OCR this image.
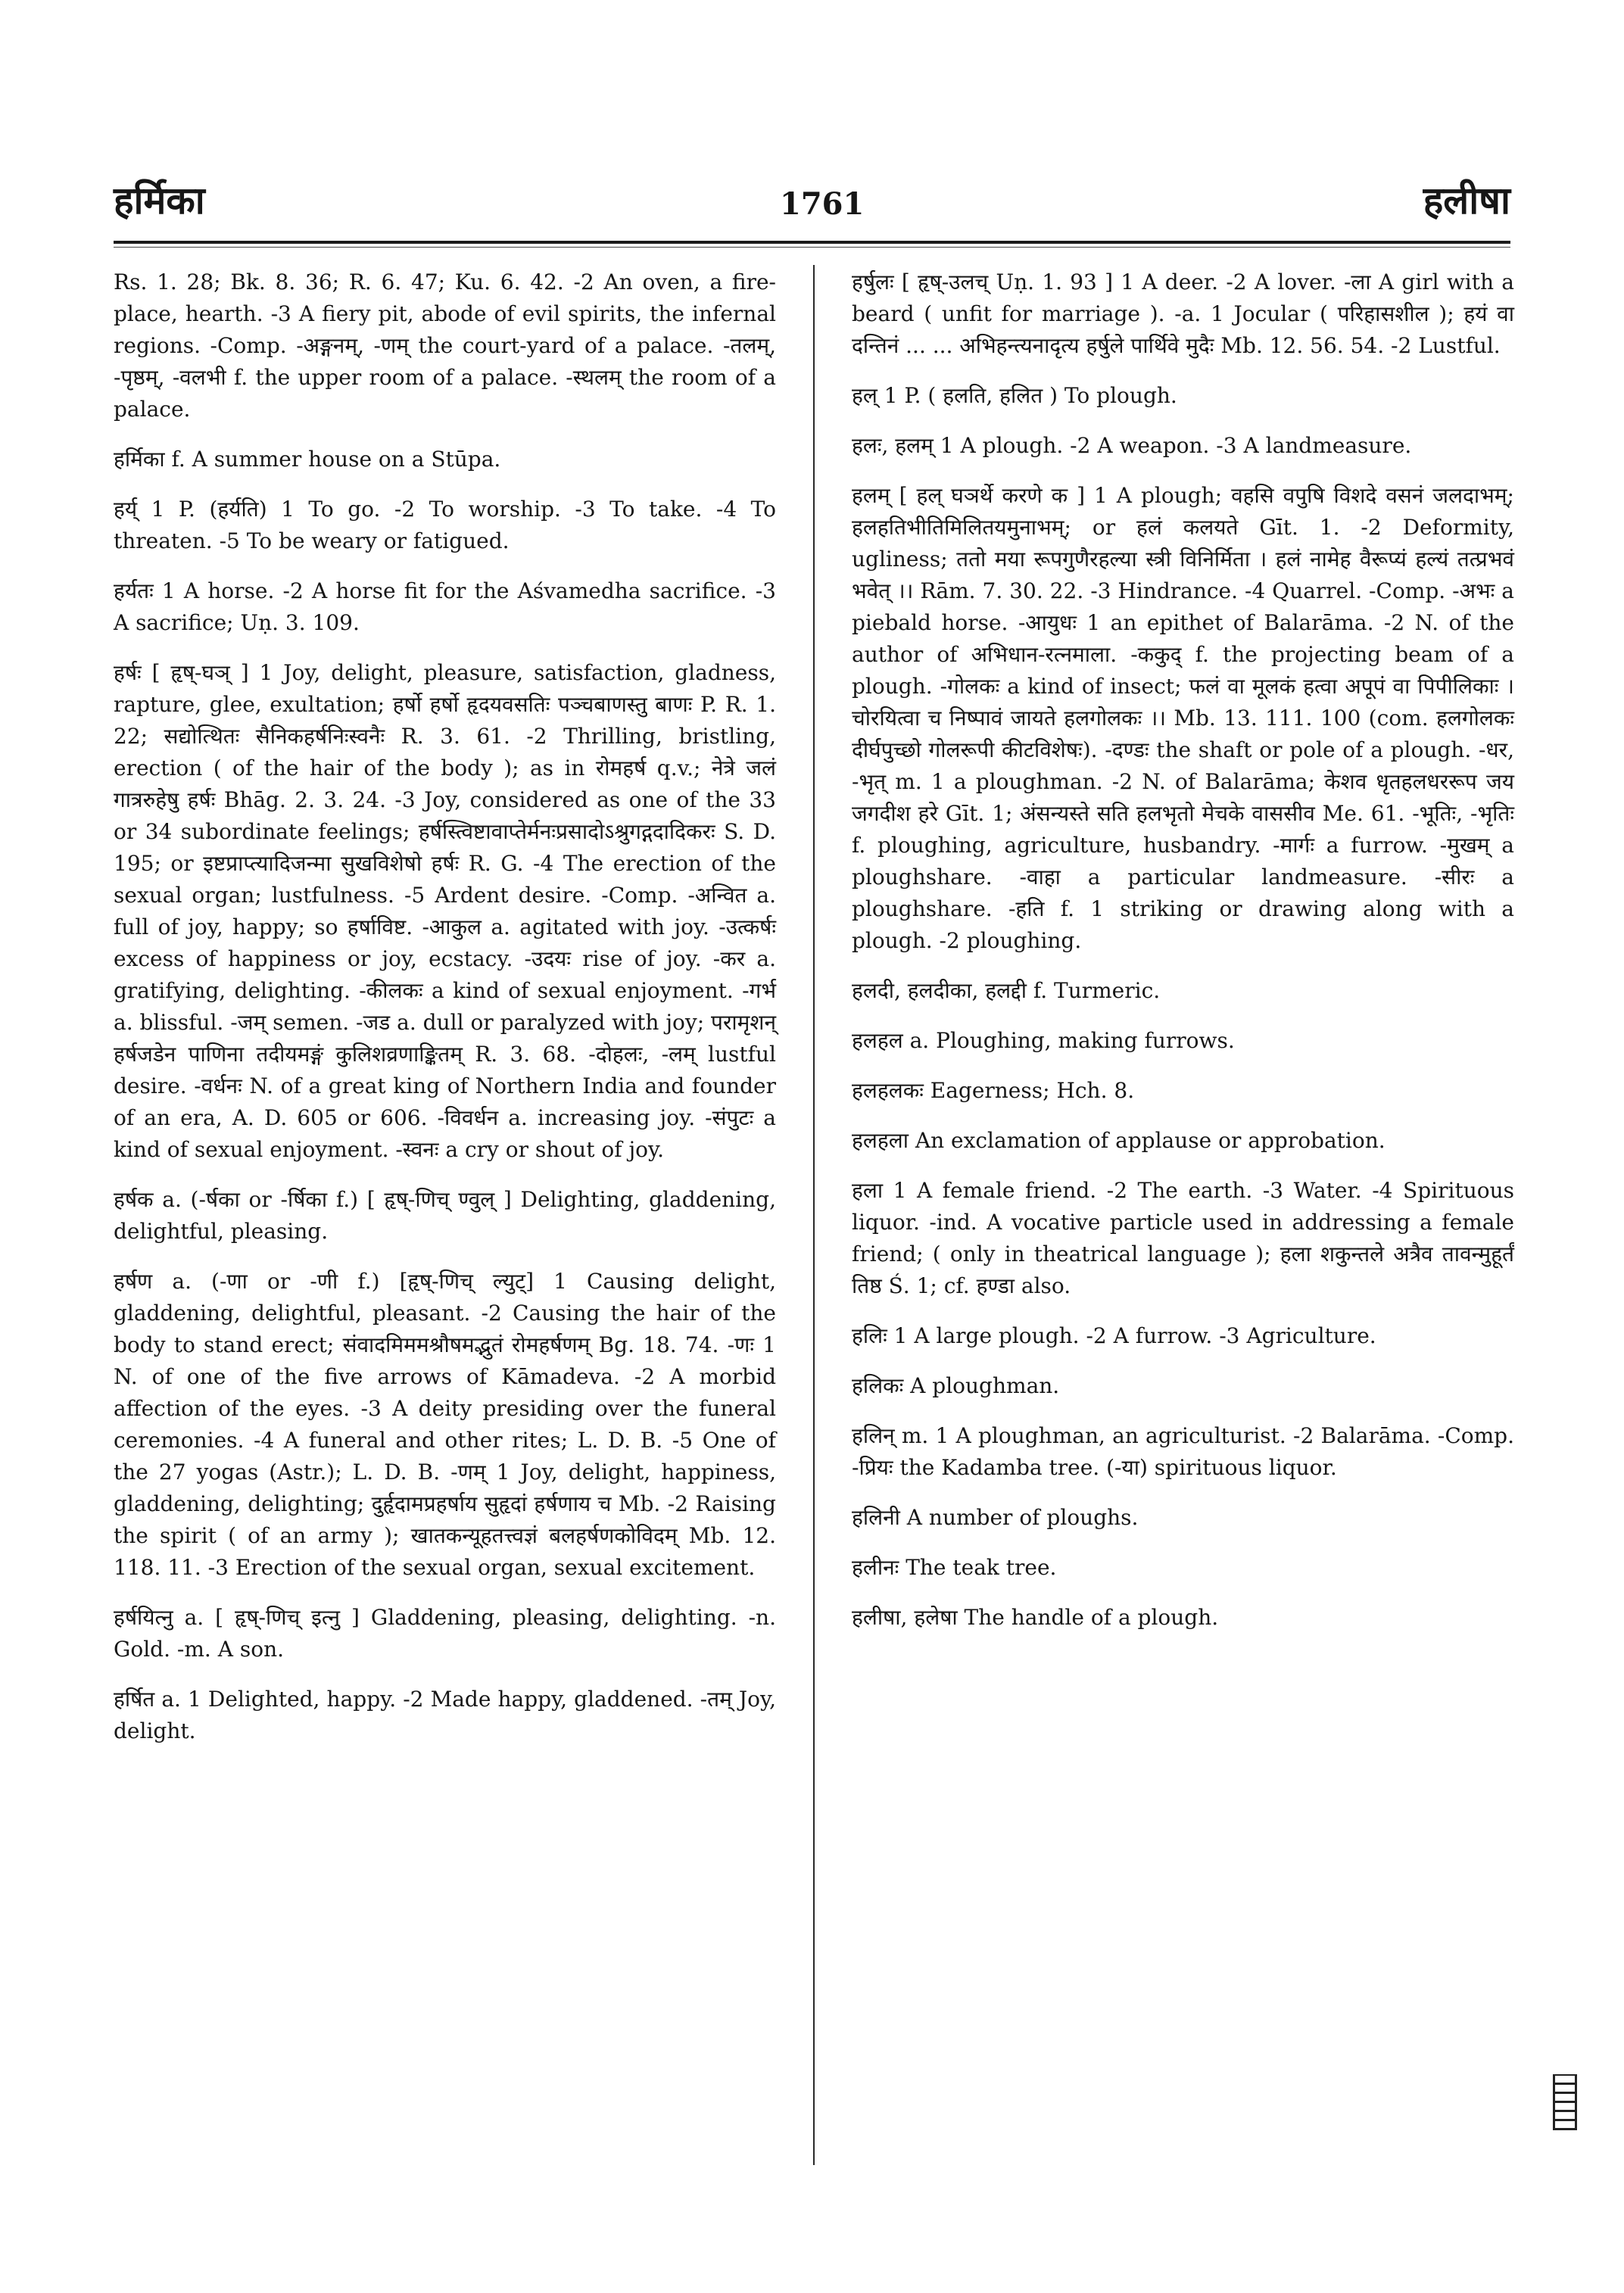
हर्मिका	1761	हलीषा

Rs. 1. 28; Bk. 8. 36; R. 6. 47; Ku. 6. 42. -2 An oven, a fire-place, hearth. -3 A fiery pit, abode of evil spirits, the infernal regions. -Comp. -अङ्गनम्, -णम् the court-yard of a palace. -तलम्, -पृष्ठम्, -वलभी f. the upper room of a palace. -स्थलम् the room of a palace.

हर्मिका f. A summer house on a Stūpa.

हर्य् 1 P. (हर्यति) 1 To go. -2 To worship. -3 To take. -4 To threaten. -5 To be weary or fatigued.

हर्यतः 1 A horse. -2 A horse fit for the Aśvamedha sacrifice. -3 A sacrifice; Uṇ. 3. 109.

हर्षः [ हृष्-घञ् ] 1 Joy, delight, pleasure, satisfaction, gladness, rapture, glee, exultation; हर्षो हर्षो हृदयवसतिः पञ्चबाणस्तु बाणः P. R. 1. 22; सद्योत्थितः सैनिकहर्षनिःस्वनैः R. 3. 61. -2 Thrilling, bristling, erection ( of the hair of the body ); as in रोमहर्ष q.v.; नेत्रे जलं गात्ररुहेषु हर्षः Bhāg. 2. 3. 24. -3 Joy, considered as one of the 33 or 34 subordinate feelings; हर्षस्त्विष्टावाप्तेर्मनःप्रसादोऽश्रुगद्गदादिकरः S. D. 195; or इष्टप्राप्त्यादिजन्मा सुखविशेषो हर्षः R. G. -4 The erection of the sexual organ; lustfulness. -5 Ardent desire. -Comp. -अन्वित a. full of joy, happy; so हर्षाविष्ट. -आकुल a. agitated with joy. -उत्कर्षः excess of happiness or joy, ecstacy. -उदयः rise of joy. -कर a. gratifying, delighting. -कीलकः a kind of sexual enjoyment. -गर्भ a. blissful. -जम् semen. -जड a. dull or paralyzed with joy; परामृशन् हर्षजडेन पाणिना तदीयमङ्गं कुलिशव्रणाङ्कितम् R. 3. 68. -दोहलः, -लम् lustful desire. -वर्धनः N. of a great king of Northern India and founder of an era, A. D. 605 or 606. -विवर्धन a. increasing joy. -संपुटः a kind of sexual enjoyment. -स्वनः a cry or shout of joy.

हर्षक a. (-र्षका or -र्षिका f.) [ हृष्-णिच् ण्वुल् ] Delighting, gladdening, delightful, pleasing.

हर्षण a. (-णा or -णी f.) [हृष्-णिच् ल्युट्] 1 Causing delight, gladdening, delightful, pleasant. -2 Causing the hair of the body to stand erect; संवादमिममश्रौषमद्भुतं रोमहर्षणम् Bg. 18. 74. -णः 1 N. of one of the five arrows of Kāmadeva. -2 A morbid affection of the eyes. -3 A deity presiding over the funeral ceremonies. -4 A funeral and other rites; L. D. B. -5 One of the 27 yogas (Astr.); L. D. B. -णम् 1 Joy, delight, happiness, gladdening, delighting; दुर्हृदामप्रहर्षाय सुहृदां हर्षणाय च Mb. -2 Raising the spirit ( of an army ); खातकन्यूहतत्त्वज्ञं बलहर्षणकोविदम् Mb. 12. 118. 11. -3 Erection of the sexual organ, sexual excitement.

हर्षयित्नु a. [ हृष्-णिच् इत्नु ] Gladdening, pleasing, delighting. -n. Gold. -m. A son.

हर्षित a. 1 Delighted, happy. -2 Made happy, gladdened. -तम् Joy, delight.

हर्षुलः [ हृष्-उलच् Uṇ. 1. 93 ] 1 A deer. -2 A lover. -ला A girl with a beard ( unfit for marriage ). -a. 1 Jocular ( परिहासशील ); हयं वा दन्तिनं ... ... अभिहन्त्यनादृत्य हर्षुले पार्थिवे मुदैः Mb. 12. 56. 54. -2 Lustful.

हल् 1 P. ( हलति, हलित ) To plough.

हलः, हलम् 1 A plough. -2 A weapon. -3 A landmeasure.

हलम् [ हल् घञर्थे करणे क ] 1 A plough; वहसि वपुषि विशदे वसनं जलदाभम्; हलहतिभीतिमिलितयमुनाभम्; or हलं कलयते Gīt. 1. -2 Deformity, ugliness; ततो मया रूपगुणैरहल्या स्त्री विनिर्मिता । हलं नामेह वैरूप्यं हल्यं तत्प्रभवं भवेत् ।। Rām. 7. 30. 22. -3 Hindrance. -4 Quarrel. -Comp. -अभः a piebald horse. -आयुधः 1 an epithet of Balarāma. -2 N. of the author of अभिधान-रत्नमाला. -ककुद् f. the projecting beam of a plough. -गोलकः a kind of insect; फलं वा मूलकं हत्वा अपूपं वा पिपीलिकाः । चोरयित्वा च निष्पावं जायते हलगोलकः ।। Mb. 13. 111. 100 (com. हलगोलकः दीर्घपुच्छो गोलरूपी कीटविशेषः). -दण्डः the shaft or pole of a plough. -धर, -भृत् m. 1 a ploughman. -2 N. of Balarāma; केशव धृतहलधररूप जय जगदीश हरे Gīt. 1; अंसन्यस्ते सति हलभृतो मेचके वाससीव Me. 61. -भूतिः, -भृतिः f. ploughing, agriculture, husbandry. -मार्गः a furrow. -मुखम् a ploughshare. -वाहा a particular landmeasure. -सीरः a ploughshare. -हति f. 1 striking or drawing along with a plough. -2 ploughing.

हलदी, हलदीका, हलद्दी f. Turmeric.

हलहल a. Ploughing, making furrows.

हलहलकः Eagerness; Hch. 8.

हलहला An exclamation of applause or approbation.

हला 1 A female friend. -2 The earth. -3 Water. -4 Spirituous liquor. -ind. A vocative particle used in addressing a female friend; ( only in theatrical language ); हला शकुन्तले अत्रैव तावन्मुहूर्तं तिष्ठ Ś. 1; cf. हण्डा also.

हलिः 1 A large plough. -2 A furrow. -3 Agriculture.

हलिकः A ploughman.

हलिन् m. 1 A ploughman, an agriculturist. -2 Balarāma. -Comp. -प्रियः the Kadamba tree. (-या) spirituous liquor.

हलिनी A number of ploughs.

हलीनः The teak tree.

हलीषा, हलेषा The handle of a plough.
